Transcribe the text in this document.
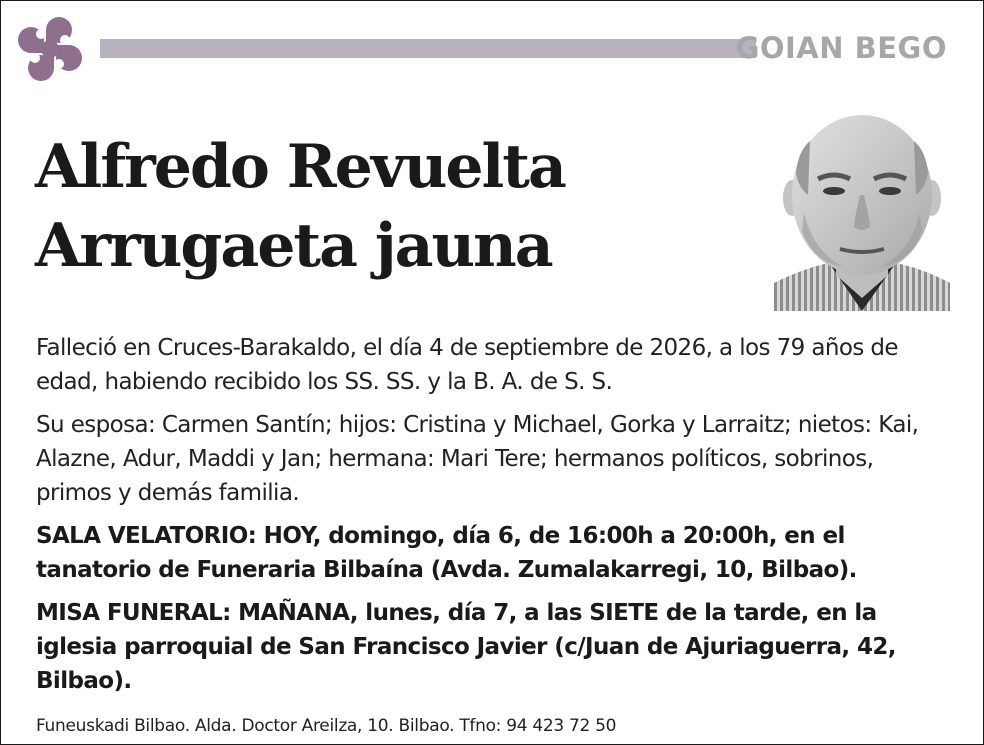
GOIAN BEGO
Alfredo Revuelta
Arrugaeta jauna

Falleció en Cruces-Barakaldo, el día 4 de septiembre de 2026, a los 79 años de edad, habiendo recibido los SS. SS. y la B. A. de S. S.

Su esposa: Carmen Santín; hijos: Cristina y Michael, Gorka y Larraitz; nietos: Kai, Alazne, Adur, Maddi y Jan; hermana: Mari Tere; hermanos políticos, sobrinos, primos y demás familia.

SALA VELATORIO: HOY, domingo, día 6, de 16:00h a 20:00h, en el tanatorio de Funeraria Bilbaína (Avda. Zumalakarregi, 10, Bilbao).

MISA FUNERAL: MAÑANA, lunes, día 7, a las SIETE de la tarde, en la iglesia parroquial de San Francisco Javier (c/Juan de Ajuriaguerra, 42, Bilbao).

Funeuskadi Bilbao. Alda. Doctor Areilza, 10. Bilbao. Tfno: 94 423 72 50
